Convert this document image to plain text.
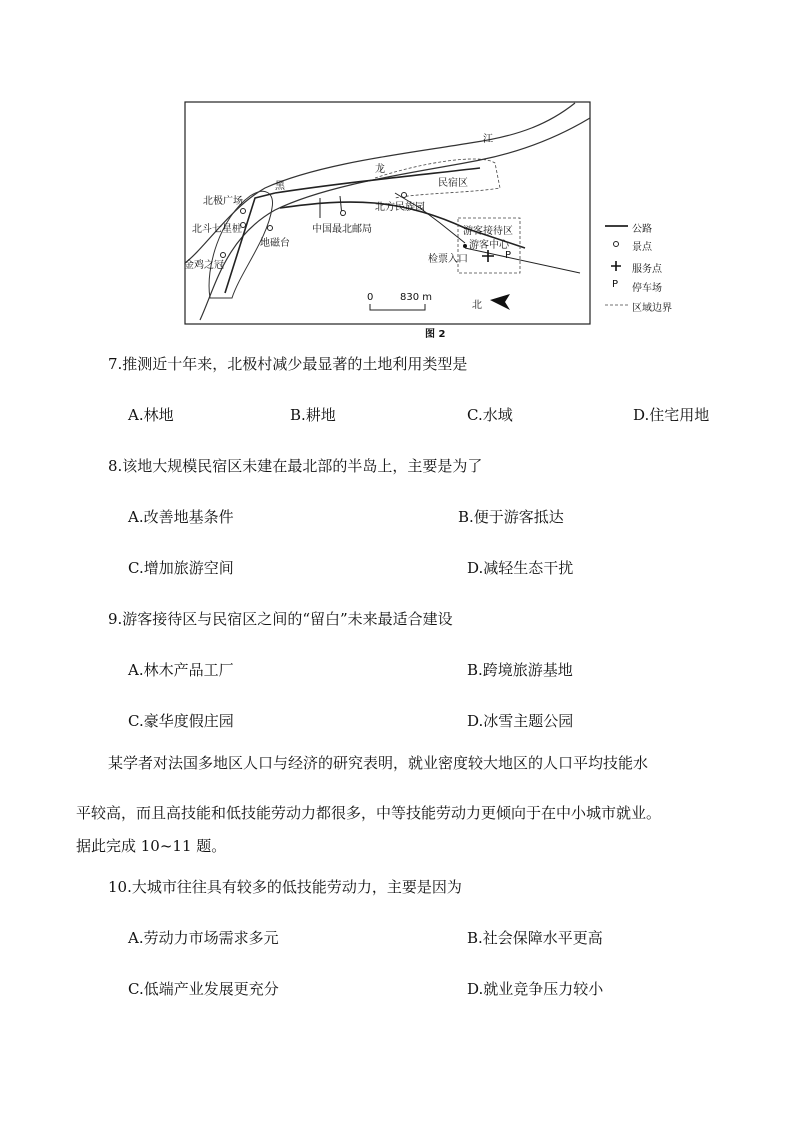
江
龙
黑	民宿区
北方民族园
北极广场
北斗七星桩
地磁台
中国最北邮局
金鸡之冠
游客接待区
游客中心
检票入口	P
0	830 m
北
公路
景点
服务点
P 停车场
区域边界
图 2
7.推测近十年来，北极村减少最显著的土地利用类型是
A.林地	B.耕地	C.水域	D.住宅用地
8.该地大规模民宿区未建在最北部的半岛上，主要是为了
A.改善地基条件	B.便于游客抵达
C.增加旅游空间	D.减轻生态干扰
9.游客接待区与民宿区之间的“留白”未来最适合建设
A.林木产品工厂	B.跨境旅游基地
C.豪华度假庄园	D.冰雪主题公园
某学者对法国多地区人口与经济的研究表明，就业密度较大地区的人口平均技能水
平较高，而且高技能和低技能劳动力都很多，中等技能劳动力更倾向于在中小城市就业。
据此完成 10~11 题。
10.大城市往往具有较多的低技能劳动力，主要是因为
A.劳动力市场需求多元	B.社会保障水平更高
C.低端产业发展更充分	D.就业竞争压力较小
